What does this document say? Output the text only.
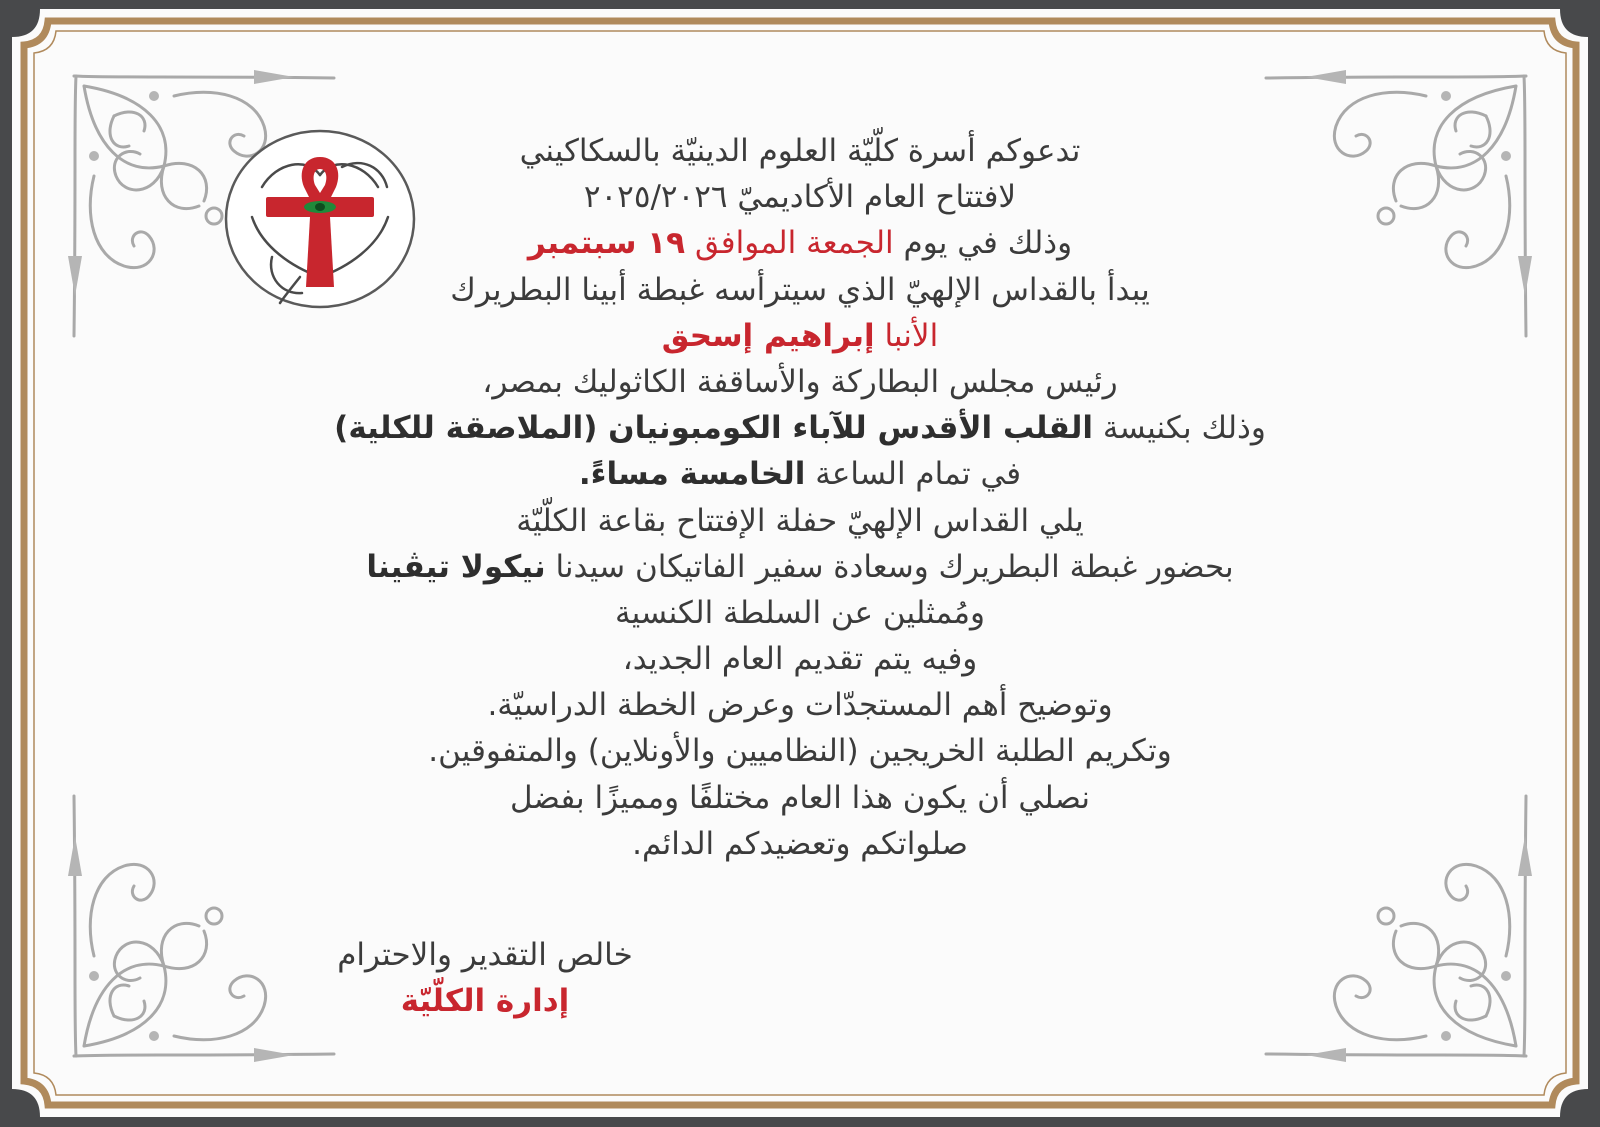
تدعوكم أسرة كلّيّة العلوم الدينيّة بالسكاكيني
لافتتاح العام الأكاديميّ ٢٠٢٥/٢٠٢٦
وذلك في يوم الجمعة الموافق ١٩ سبتمبر
يبدأ بالقداس الإلهيّ الذي سيترأسه غبطة أبينا البطريرك
الأنبا إبراهيم إسحق
رئيس مجلس البطاركة والأساقفة الكاثوليك بمصر،
وذلك بكنيسة القلب الأقدس للآباء الكومبونيان (الملاصقة للكلية)
في تمام الساعة الخامسة مساءً.
يلي القداس الإلهيّ حفلة الإفتتاح بقاعة الكلّيّة
بحضور غبطة البطريرك وسعادة سفير الفاتيكان سيدنا نيكولا تيڤينا
ومُمثلين عن السلطة الكنسية
وفيه يتم تقديم العام الجديد،
وتوضيح أهم المستجدّات وعرض الخطة الدراسيّة.
وتكريم الطلبة الخريجين (النظاميين والأونلاين) والمتفوقين.
نصلي أن يكون هذا العام مختلفًا ومميزًا بفضل
صلواتكم وتعضيدكم الدائم.
خالص التقدير والاحترام
إدارة الكلّيّة
